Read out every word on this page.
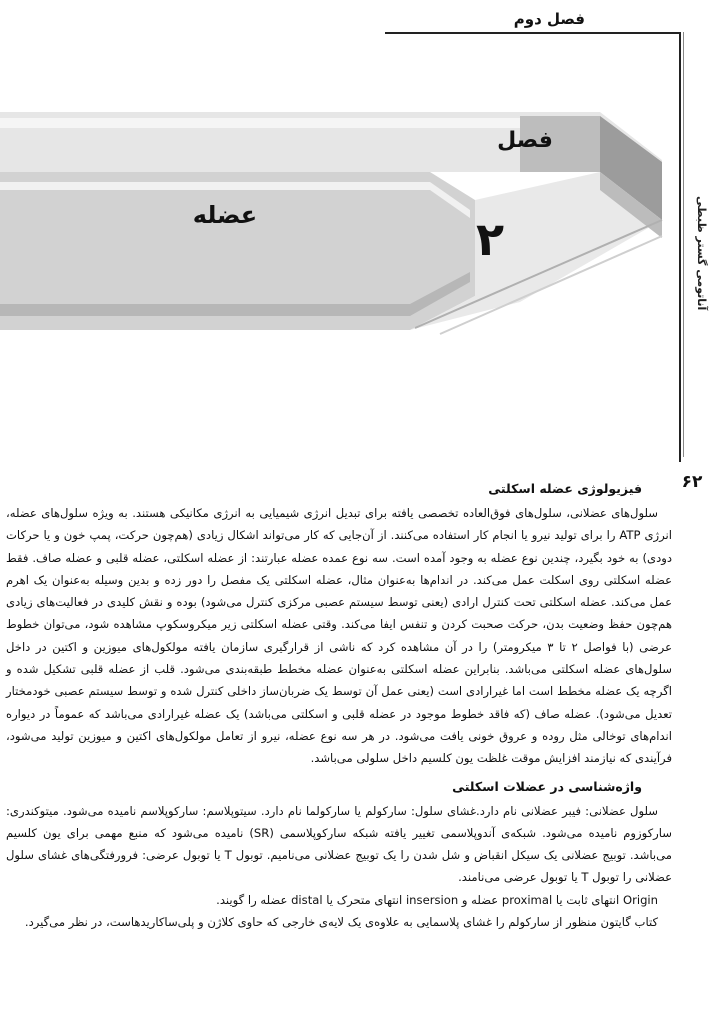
فصل دوم
آناتومی گستر ظبطی
۶۲
فصل
عضله	۲
فیزیولوژی عضله اسکلتی

سلول‌های عضلانی، سلول‌های فوق‌العاده تخصصی یافته برای تبدیل انرژی شیمیایی به انرژی مکانیکی هستند. به ویژه سلول‌های عضله، انرژی ATP را برای تولید نیرو یا انجام کار استفاده می‌کنند. از آن‌جایی که کار می‌تواند اشکال زیادی (هم‌چون حرکت، پمپ خون و یا حرکات دودی) به خود بگیرد، چندین نوع عضله به وجود آمده است. سه نوع عمده عضله عبارتند: از عضله اسکلتی، عضله قلبی و عضله صاف. فقط عضله اسکلتی روی اسکلت عمل می‌کند. در اندام‌ها به‌عنوان مثال، عضله اسکلتی یک مفصل را دور زده و بدین وسیله به‌عنوان یک اهرم عمل می‌کند. عضله اسکلتی تحت کنترل ارادی (یعنی توسط سیستم عصبی مرکزی کنترل می‌شود) بوده و نقش کلیدی در فعالیت‌های زیادی هم‌چون حفظ وضعیت بدن، حرکت صحبت کردن و تنفس ایفا می‌کند. وقتی عضله اسکلتی زیر میکروسکوپ مشاهده شود، می‌توان خطوط عرضی (با فواصل ۲ تا ۳ میکرومتر) را در آن مشاهده کرد که ناشی از قرارگیری سازمان یافته مولکول‌های میوزین و اکتین در داخل سلول‌های عضله اسکلتی می‌باشد. بنابراین عضله اسکلتی به‌عنوان عضله مخطط طبقه‌بندی می‌شود. قلب از عضله قلبی تشکیل شده و اگرچه یک عضله مخطط است اما غیرارادی است (یعنی عمل آن توسط یک ضربان‌ساز داخلی کنترل شده و توسط سیستم عصبی خودمختار تعدیل می‌شود). عضله صاف (که فاقد خطوط موجود در عضله قلبی و اسکلتی می‌باشد) یک عضله غیرارادی می‌باشد که عموماً در دیواره اندام‌های توخالی مثل روده و عروق خونی یافت می‌شود. در هر سه نوع عضله، نیرو از تعامل مولکول‌های اکتین و میوزین تولید می‌شود، فرآیندی که نیازمند افزایش موقت غلظت یون کلسیم داخل سلولی می‌باشد.

واژه‌شناسی در عضلات اسکلتی

سلول عضلانی: فیبر عضلانی نام دارد.غشای سلول: سارکولم یا سارکولما نام دارد. سیتوپلاسم: سارکوپلاسم نامیده می‌شود. میتوکندری: سارکوزوم نامیده می‌شود. شبکه‌ی آندوپلاسمی تغییر یافته شبکه سارکوپلاسمی (SR) نامیده می‌شود که منبع مهمی برای یون کلسیم می‌باشد. توبیج عضلانی یک سیکل انقباض و شل شدن را یک توبیج عضلانی می‌نامیم. توبول T یا توبول عرضی: فرورفتگی‌های غشای سلول عضلانی را توبول T یا توبول عرضی می‌نامند.

Origin انتهای ثابت یا proximal عضله و insersion انتهای متحرک یا distal عضله را گویند.

کتاب گایتون منظور از سارکولم را غشای پلاسمایی به علاوه‌ی یک لایه‌ی خارجی که حاوی کلاژن و پلی‌ساکاریدهاست، در نظر می‌گیرد.
